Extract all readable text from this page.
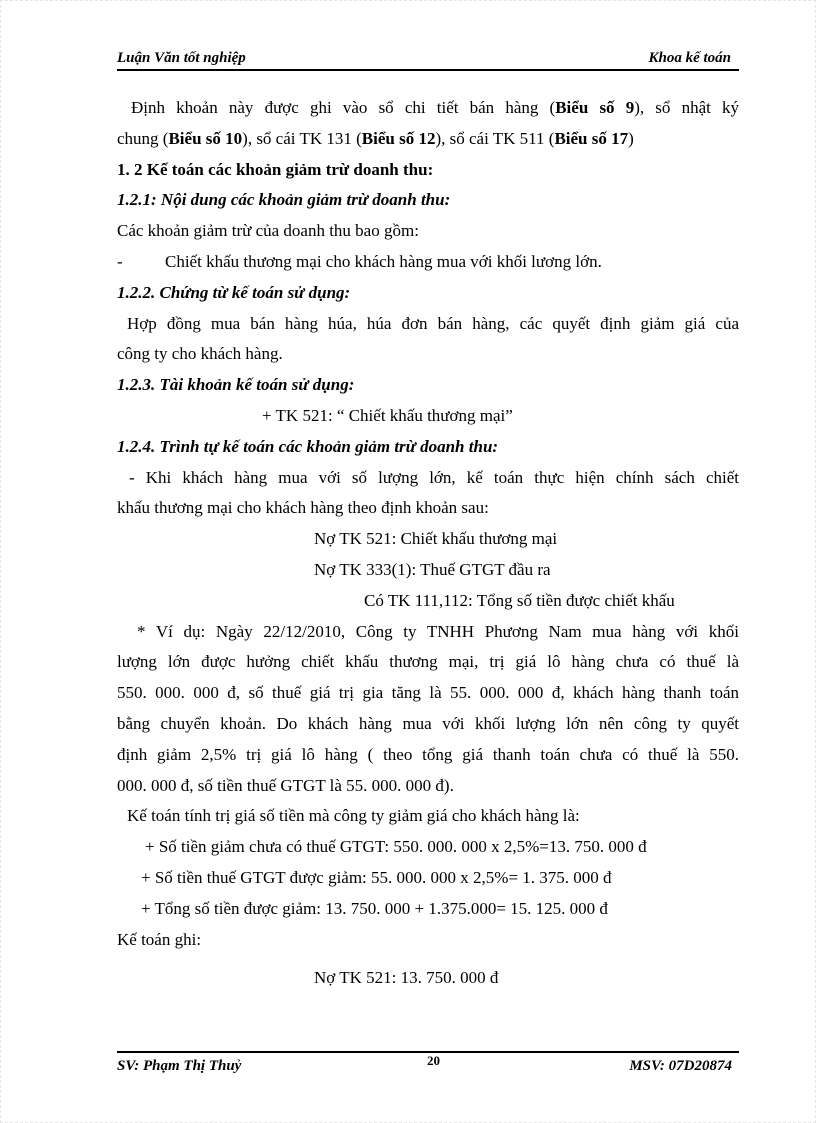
Luận Văn tốt nghiệp	Khoa kế toán

Định khoản này được ghi vào sổ chi tiết bán hàng (Biểu số 9), sổ nhật ký

chung (Biểu số 10), sổ cái TK 131 (Biểu số 12), sổ cái TK 511 (Biểu số 17)

1. 2 Kế toán các khoản giảm trừ doanh thu:

1.2.1: Nội dung các khoản giảm trừ doanh thu:

Các khoản giảm trừ của doanh thu bao gồm:

- Chiết khấu thương mại cho khách hàng mua với khối lương lớn.

1.2.2. Chứng từ kế toán sử dụng:

Hợp đồng mua bán hàng húa, húa đơn bán hàng, các quyết định giảm giá của

công ty cho khách hàng.

1.2.3. Tài khoản kế toán sử dụng:

+ TK 521: “ Chiết khấu thương mại”

1.2.4. Trình tự kế toán các khoản giảm trừ doanh thu:

- Khi khách hàng mua với số lượng lớn, kế toán thực hiện chính sách chiết

khấu thương mại cho khách hàng theo định khoản sau:

Nợ TK 521: Chiết khấu thương mại

Nợ TK 333(1): Thuế GTGT đầu ra

Có TK 111,112: Tổng số tiền được chiết khấu

* Ví dụ: Ngày 22/12/2010, Công ty TNHH Phương Nam mua hàng với khối

lượng lớn được hưởng chiết khấu thương mại, trị giá lô hàng chưa có thuế là

550. 000. 000 đ, số thuế giá trị gia tăng là 55. 000. 000 đ, khách hàng thanh toán

bằng chuyển khoản. Do khách hàng mua với khối lượng lớn nên công ty quyết

định giảm 2,5% trị giá lô hàng ( theo tổng giá thanh toán chưa có thuế là 550.

000. 000 đ, số tiền thuế GTGT là 55. 000. 000 đ).

Kế toán tính trị giá số tiền mà công ty giảm giá cho khách hàng là:

+ Số tiền giảm chưa có thuế GTGT: 550. 000. 000 x 2,5%=13. 750. 000 đ

+ Số tiền thuế GTGT được giảm: 55. 000. 000 x 2,5%= 1. 375. 000 đ

+ Tổng số tiền được giảm: 13. 750. 000 + 1.375.000= 15. 125. 000 đ

Kế toán ghi:

Nợ TK 521: 13. 750. 000 đ

SV: Phạm Thị Thuỷ	20	MSV: 07D20874
